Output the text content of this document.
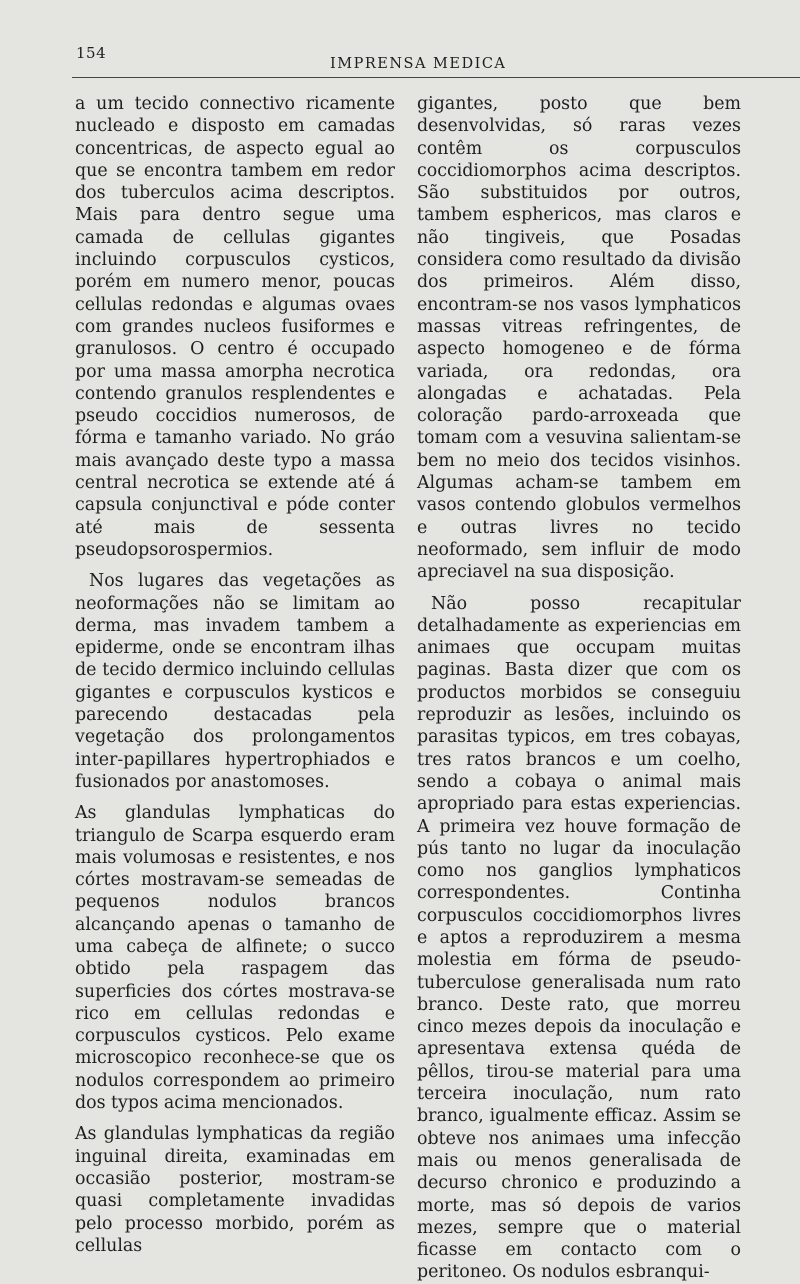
154
IMPRENSA MEDICA

a um tecido connectivo ricamente nucleado e disposto em camadas concentricas, de aspecto egual ao que se encontra tambem em redor dos tuberculos acima descriptos. Mais para dentro segue uma camada de cellulas gigantes incluindo corpusculos cysticos, porém em numero menor, poucas cellulas redondas e algumas ovaes com grandes nucleos fusiformes e granulosos. O centro é occupado por uma massa amorpha necrotica contendo granulos resplendentes e pseudo coccidios numerosos, de fórma e tamanho variado. No gráo mais avançado deste typo a massa central necrotica se extende até á capsula conjunctival e póde conter até mais de sessenta pseudopsorospermios.

Nos lugares das vegetações as neoformações não se limitam ao derma, mas invadem tambem a epiderme, onde se encontram ilhas de tecido dermico incluindo cellulas gigantes e corpusculos kysticos e parecendo destacadas pela vegetação dos prolongamentos inter-papillares hypertrophiados e fusionados por anastomoses.

As glandulas lymphaticas do triangulo de Scarpa esquerdo eram mais volumosas e resistentes, e nos córtes mostravam-se semeadas de pequenos nodulos brancos alcançando apenas o tamanho de uma cabeça de alfinete; o succo obtido pela raspagem das superficies dos córtes mostrava-se rico em cellulas redondas e corpusculos cysticos. Pelo exame microscopico reconhece-se que os nodulos correspondem ao primeiro dos typos acima mencionados.

As glandulas lymphaticas da região inguinal direita, examinadas em occasião posterior, mostram-se quasi completamente invadidas pelo processo morbido, porém as cellulas

gigantes, posto que bem desenvolvidas, só raras vezes contêm os corpusculos coccidiomorphos acima descriptos. São substituidos por outros, tambem esphericos, mas claros e não tingiveis, que Posadas considera como resultado da divisão dos primeiros. Além disso, encontram-se nos vasos lymphaticos massas vitreas refringentes, de aspecto homogeneo e de fórma variada, ora redondas, ora alongadas e achatadas. Pela coloração pardo-arroxeada que tomam com a vesuvina salientam-se bem no meio dos tecidos visinhos. Algumas acham-se tambem em vasos contendo globulos vermelhos e outras livres no tecido neoformado, sem influir de modo apreciavel na sua disposição.

Não posso recapitular detalhadamente as experiencias em animaes que occupam muitas paginas. Basta dizer que com os productos morbidos se conseguiu reproduzir as lesões, incluindo os parasitas typicos, em tres cobayas, tres ratos brancos e um coelho, sendo a cobaya o animal mais apropriado para estas experiencias. A primeira vez houve formação de pús tanto no lugar da inoculação como nos ganglios lymphaticos correspondentes. Continha corpusculos coccidiomorphos livres e aptos a reproduzirem a mesma molestia em fórma de pseudo-tuberculose generalisada num rato branco. Deste rato, que morreu cinco mezes depois da inoculação e apresentava extensa quéda de pêllos, tirou-se material para uma terceira inoculação, num rato branco, igualmente efficaz. Assim se obteve nos animaes uma infecção mais ou menos generalisada de decurso chronico e produzindo a morte, mas só depois de varios mezes, sempre que o material ficasse em contacto com o peritoneo. Os nodulos esbranqui-
